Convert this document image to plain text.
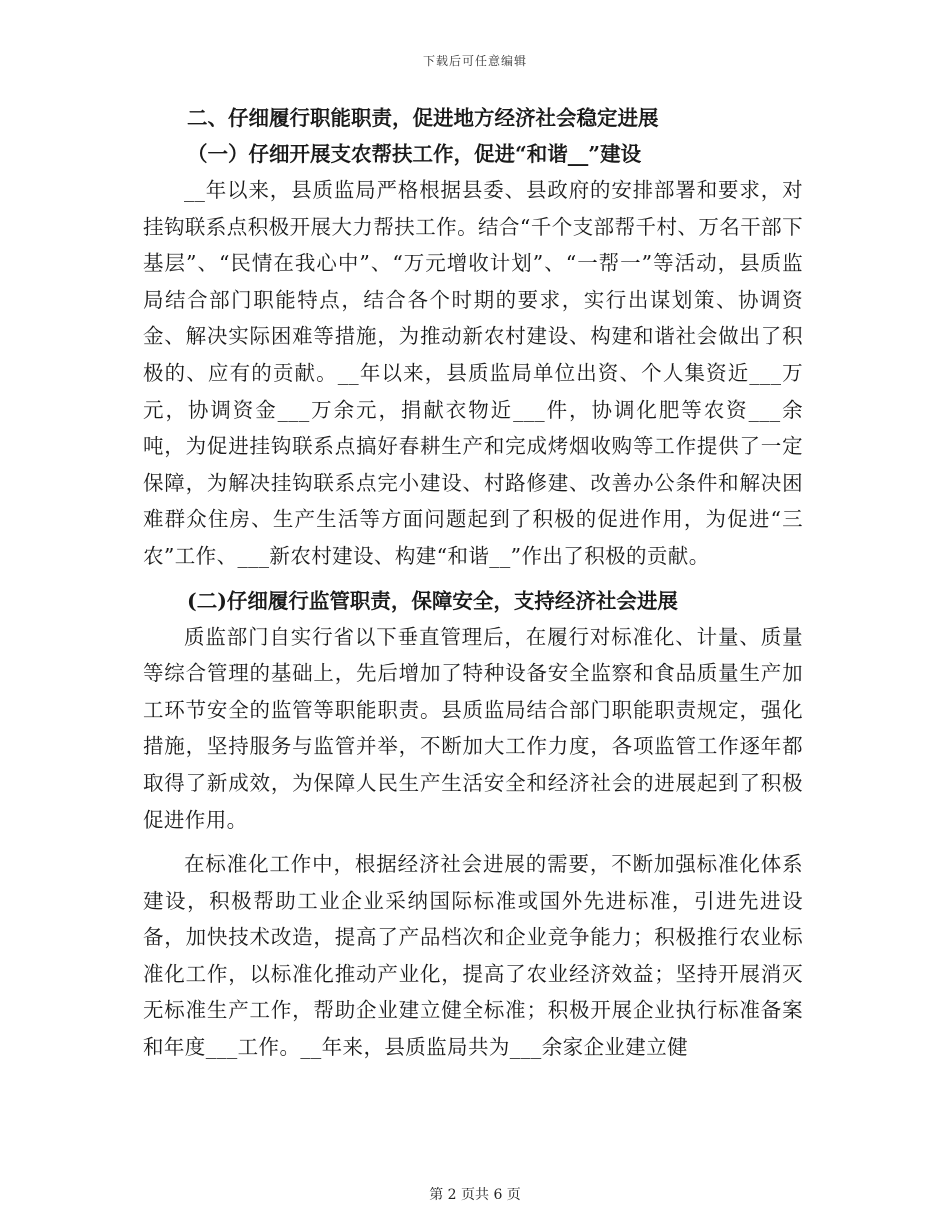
下载后可任意编辑

二、仔细履行职能职责，促进地方经济社会稳定进展

（一）仔细开展支农帮扶工作，促进“和谐__”建设

__年以来，县质监局严格根据县委、县政府的安排部署和要求，对挂钩联系点积极开展大力帮扶工作。结合“千个支部帮千村、万名干部下基层”、“民情在我心中”、“万元增收计划”、“一帮一”等活动，县质监局结合部门职能特点，结合各个时期的要求，实行出谋划策、协调资金、解决实际困难等措施，为推动新农村建设、构建和谐社会做出了积极的、应有的贡献。__年以来，县质监局单位出资、个人集资近___万元，协调资金___万余元，捐献衣物近___件，协调化肥等农资___余吨，为促进挂钩联系点搞好春耕生产和完成烤烟收购等工作提供了一定保障，为解决挂钩联系点完小建设、村路修建、改善办公条件和解决困难群众住房、生产生活等方面问题起到了积极的促进作用，为促进“三农”工作、___新农村建设、构建“和谐__”作出了积极的贡献。

(二)仔细履行监管职责，保障安全，支持经济社会进展

质监部门自实行省以下垂直管理后，在履行对标准化、计量、质量等综合管理的基础上，先后增加了特种设备安全监察和食品质量生产加工环节安全的监管等职能职责。县质监局结合部门职能职责规定，强化措施，坚持服务与监管并举，不断加大工作力度，各项监管工作逐年都取得了新成效，为保障人民生产生活安全和经济社会的进展起到了积极促进作用。

在标准化工作中，根据经济社会进展的需要，不断加强标准化体系建设，积极帮助工业企业采纳国际标准或国外先进标准，引进先进设备，加快技术改造，提高了产品档次和企业竞争能力；积极推行农业标准化工作，以标准化推动产业化，提高了农业经济效益；坚持开展消灭无标准生产工作，帮助企业建立健全标准；积极开展企业执行标准备案和年度___工作。__年来，县质监局共为___余家企业建立健

第 2 页共 6 页
